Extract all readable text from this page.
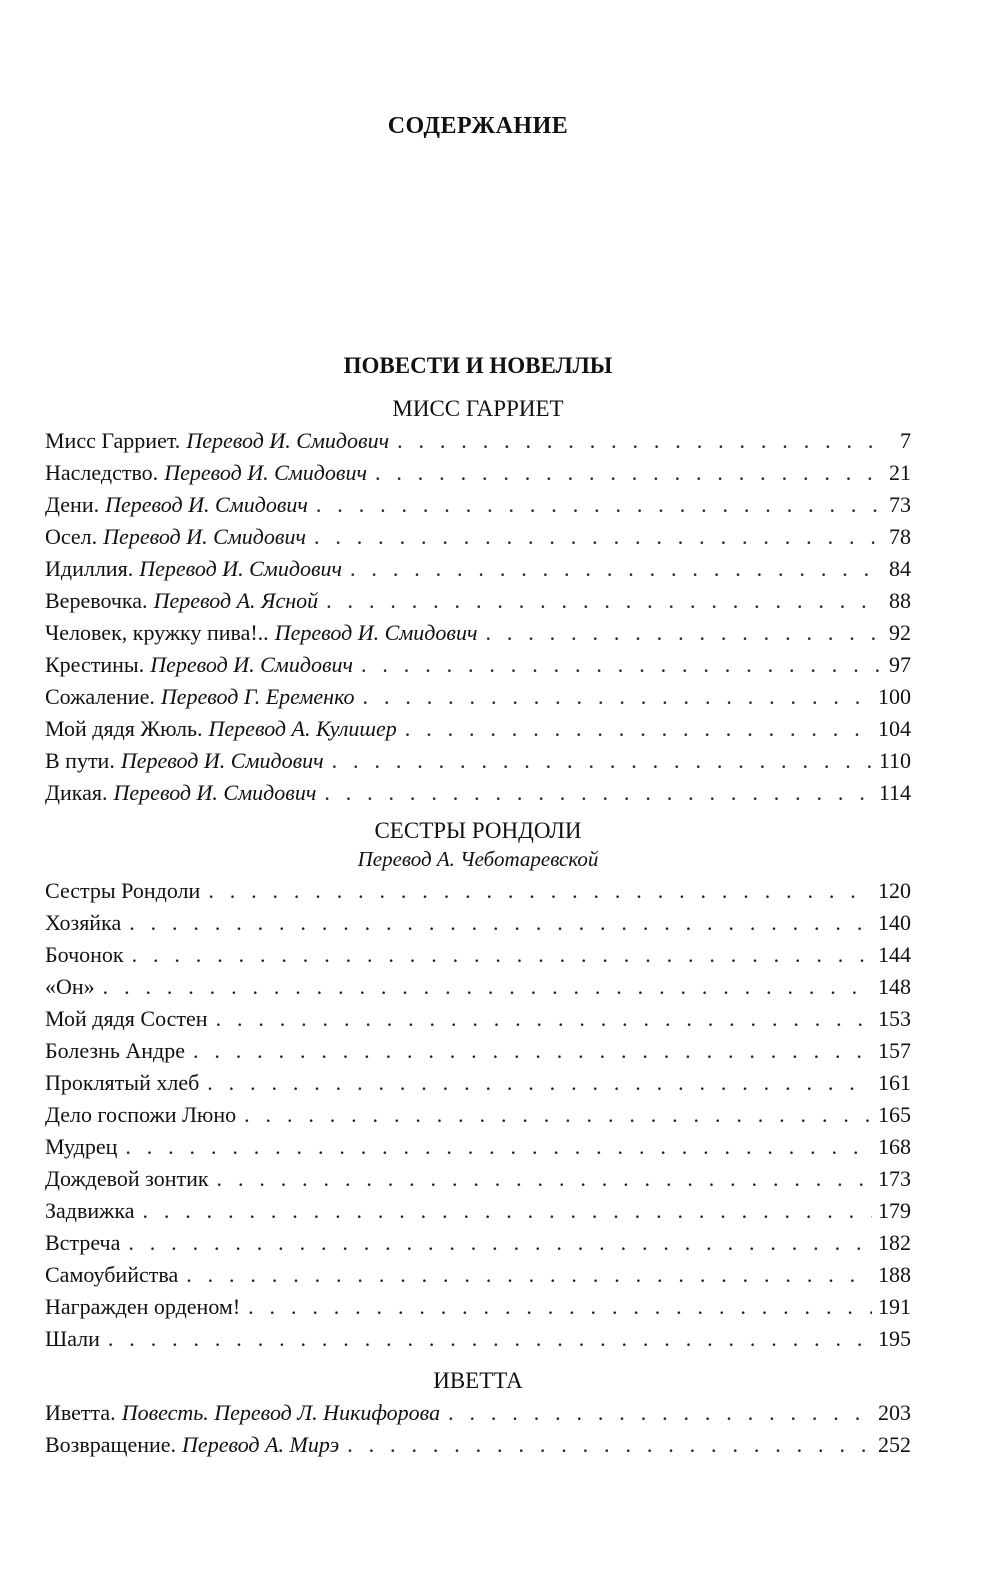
СОДЕРЖАНИЕ
ПОВЕСТИ И НОВЕЛЛЫ
МИСС ГАРРИЕТ
Мисс Гарриет. Перевод И. Смидович . . .	7
Наследство. Перевод И. Смидович . . .	21
Дени. Перевод И. Смидович . . .	73
Осел. Перевод И. Смидович . . .	78
Идиллия. Перевод И. Смидович . . .	84
Веревочка. Перевод А. Ясной . . .	88
Человек, кружку пива!.. Перевод И. Смидович . . .	92
Крестины. Перевод И. Смидович . . .	97
Сожаление. Перевод Г. Еременко . . .	100
Мой дядя Жюль. Перевод А. Кулишер . . .	104
В пути. Перевод И. Смидович . . .	110
Дикая. Перевод И. Смидович . . .	114
СЕСТРЫ РОНДОЛИ
Перевод А. Чеботаревской
Сестры Рондоли . . .	120
Хозяйка . . .	140
Бочонок . . .	144
«Он» . . .	148
Мой дядя Состен . . .	153
Болезнь Андре . . .	157
Проклятый хлеб . . .	161
Дело госпожи Люно . . .	165
Мудрец . . .	168
Дождевой зонтик . . .	173
Задвижка . . .	179
Встреча . . .	182
Самоубийства . . .	188
Награжден орденом! . . .	191
Шали . . .	195
ИВЕТТА
Иветта. Повесть. Перевод Л. Никифорова . . .	203
Возвращение. Перевод А. Мирэ . . .	252
